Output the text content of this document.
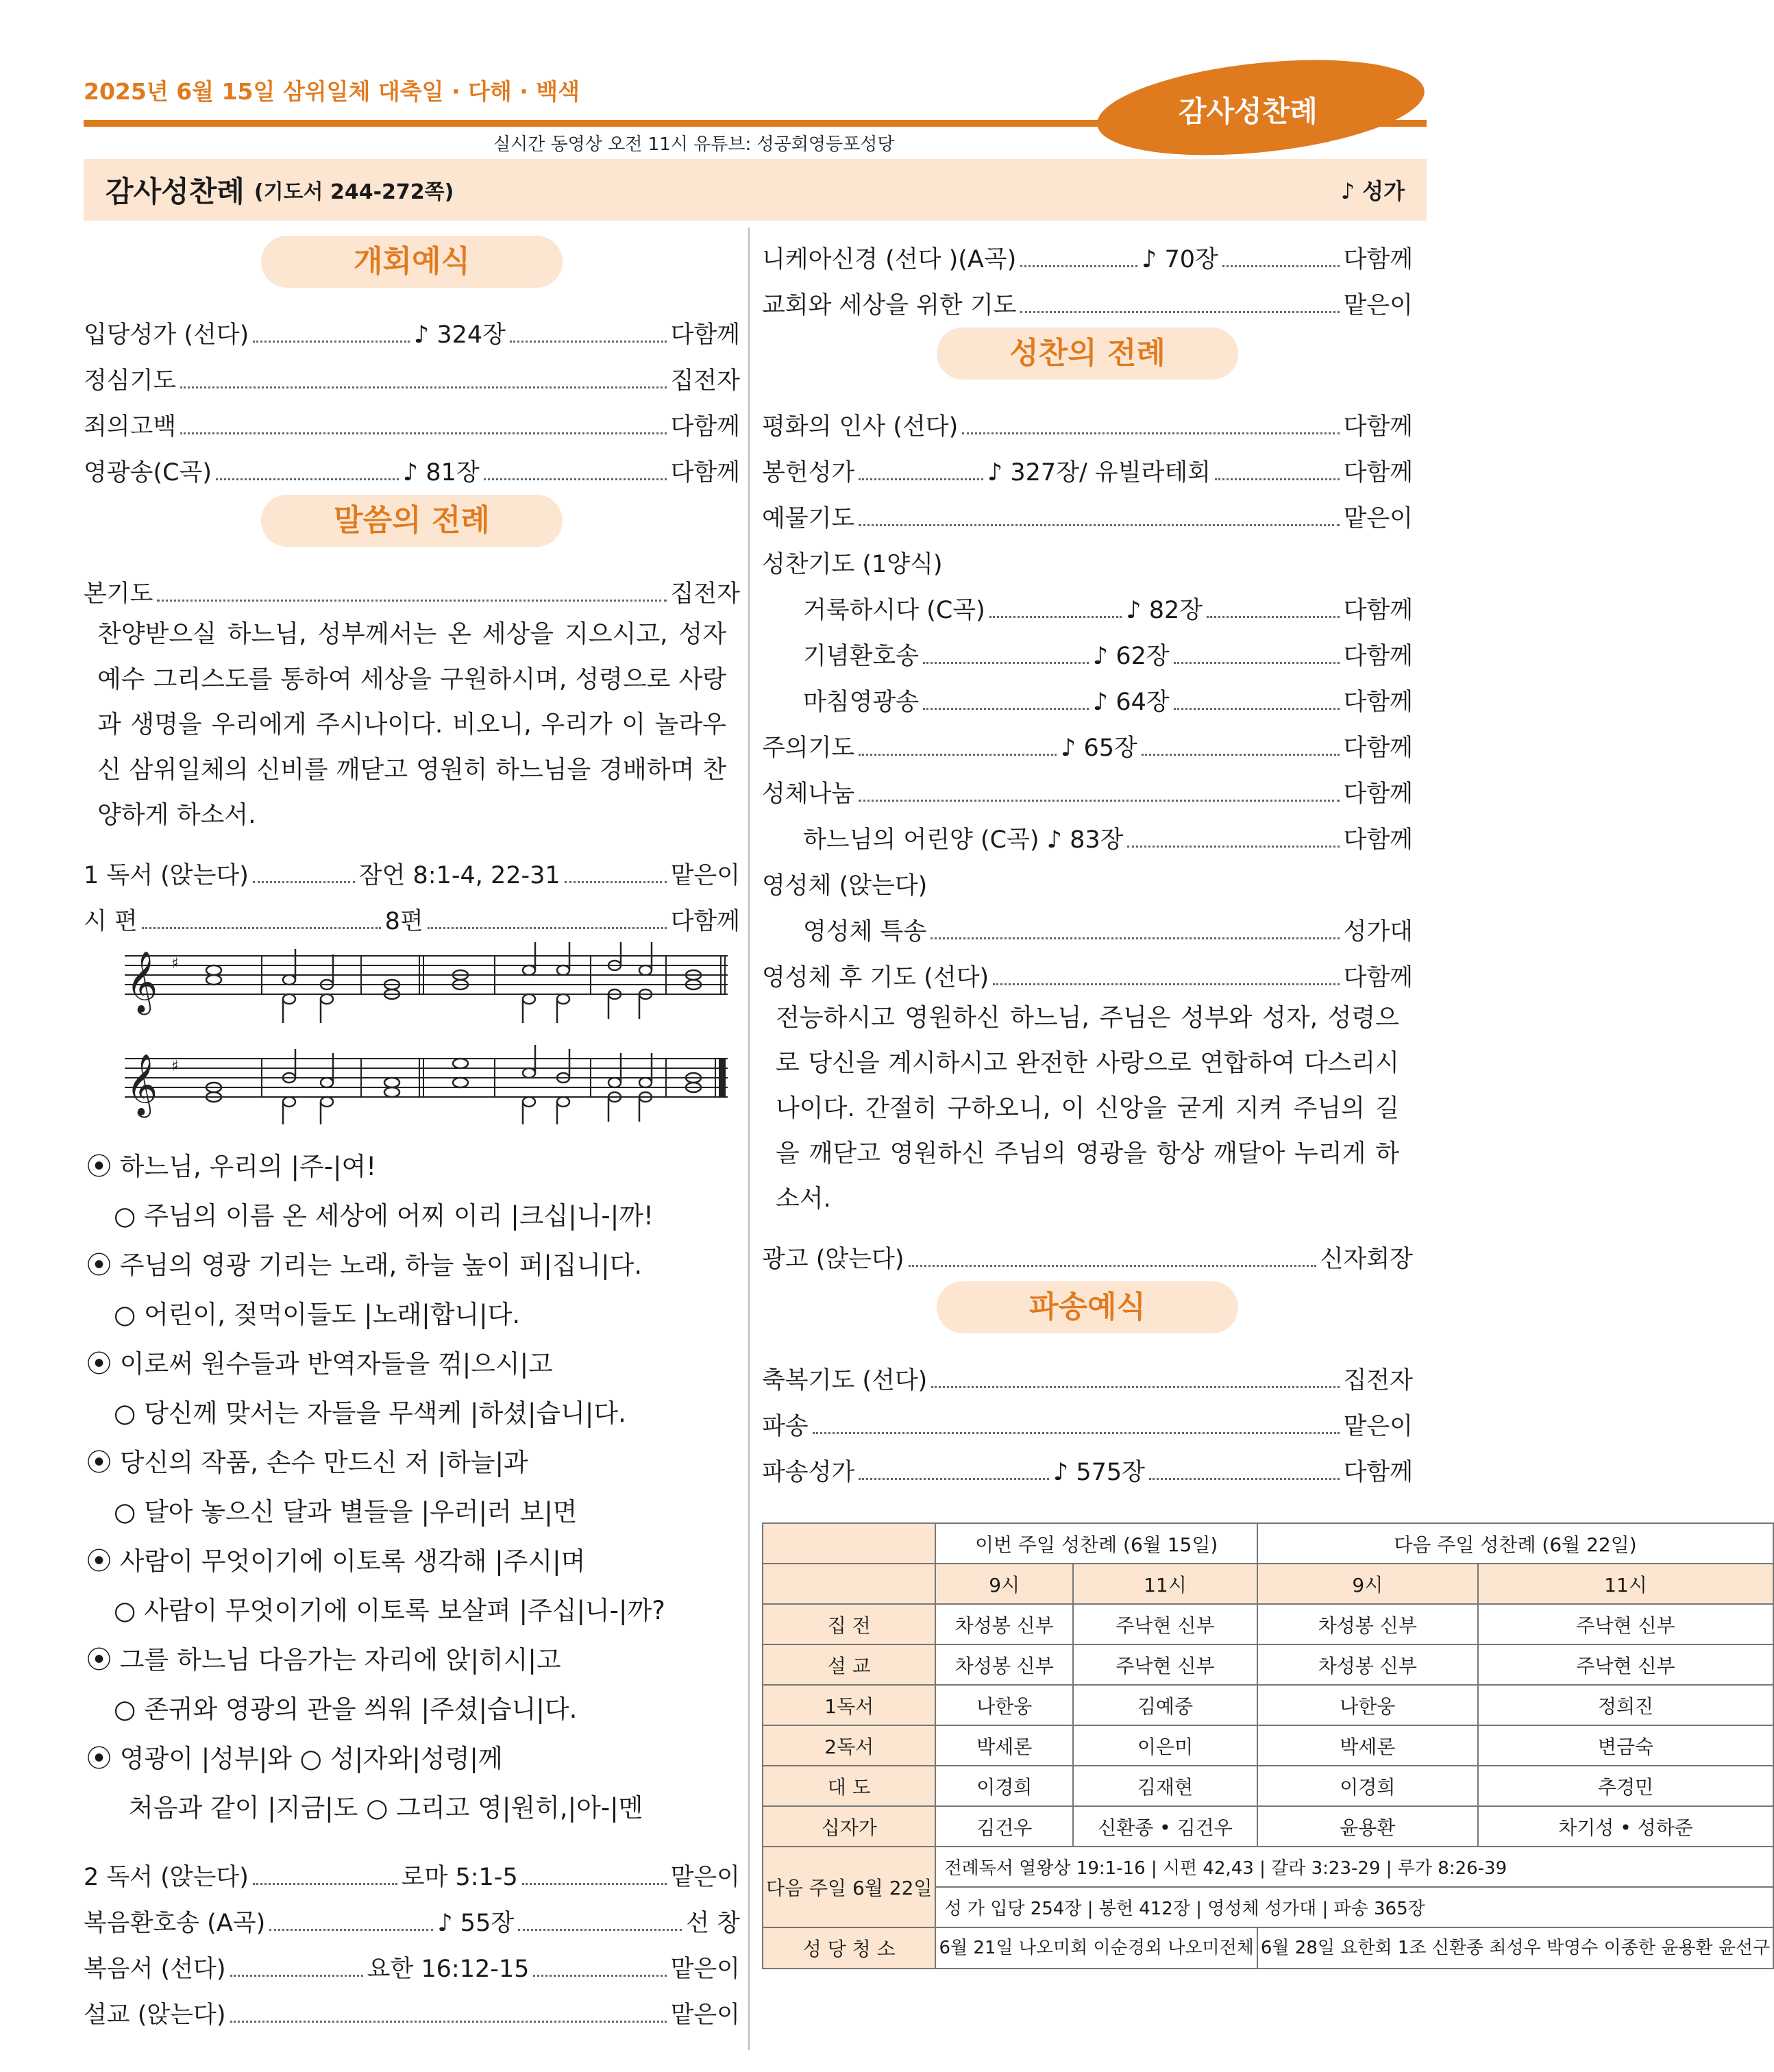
2025년 6월 15일 삼위일체 대축일 · 다해 · 백색
감사성찬례
실시간 동영상 오전 11시 유튜브: 성공회영등포성당
감사성찬례 (기도서 244-272쪽)	♪ 성가
개회예식
입당성가 (선다)	♪ 324장	다함께
정심기도	집전자
죄의고백	다함께
영광송(C곡)	♪ 81장	다함께
말씀의 전례
본기도	집전자
찬양받으실 하느님, 성부께서는 온 세상을 지으시고, 성자 예수 그리스도를 통하여 세상을 구원하시며, 성령으로 사랑과 생명을 우리에게 주시나이다. 비오니, 우리가 이 놀라우신 삼위일체의 신비를 깨닫고 영원히 하느님을 경배하며 찬양하게 하소서.
1 독서 (앉는다)	잠언 8:1-4, 22-31	맡은이
시 편	8편	다함께
𝄞
𝄞
♯
♯
⦿ 하느님, 우리의 |주-|여!
○ 주님의 이름 온 세상에 어찌 이리 |크십|니-|까!
⦿ 주님의 영광 기리는 노래, 하늘 높이 퍼|집니|다.
○ 어린이, 젖먹이들도 |노래|합니|다.
⦿ 이로써 원수들과 반역자들을 꺾|으시|고
○ 당신께 맞서는 자들을 무색케 |하셨|습니|다.
⦿ 당신의 작품, 손수 만드신 저 |하늘|과
○ 달아 놓으신 달과 별들을 |우러|러 보|면
⦿ 사람이 무엇이기에 이토록 생각해 |주시|며
○ 사람이 무엇이기에 이토록 보살펴 |주십|니-|까?
⦿ 그를 하느님 다음가는 자리에 앉|히시|고
○ 존귀와 영광의 관을 씌워 |주셨|습니|다.
⦿ 영광이 |성부|와 ○ 성|자와|성령|께
처음과 같이 |지금|도 ○ 그리고 영|원히,|아-|멘
2 독서 (앉는다)	로마 5:1-5	맡은이
복음환호송 (A곡)	♪ 55장	선 창
복음서 (선다)	요한 16:12-15	맡은이
설교 (앉는다)	맡은이
니케아신경 (선다 )(A곡)	♪ 70장	다함께
교회와 세상을 위한 기도	맡은이
성찬의 전례
평화의 인사 (선다)	다함께
봉헌성가	♪ 327장/ 유빌라테회	다함께
예물기도	맡은이
성찬기도 (1양식)
거룩하시다 (C곡)	♪ 82장	다함께
기념환호송	♪ 62장	다함께
마침영광송	♪ 64장	다함께
주의기도	♪ 65장	다함께
성체나눔	다함께
하느님의 어린양 (C곡) ♪ 83장	다함께
영성체 (앉는다)
영성체 특송	성가대
영성체 후 기도 (선다)	다함께
전능하시고 영원하신 하느님, 주님은 성부와 성자, 성령으로 당신을 계시하시고 완전한 사랑으로 연합하여 다스리시나이다. 간절히 구하오니, 이 신앙을 굳게 지켜 주님의 길을 깨닫고 영원하신 주님의 영광을 항상 깨달아 누리게 하소서.
광고 (앉는다)	신자회장
파송예식
축복기도 (선다)	집전자
파송	맡은이
파송성가	♪ 575장	다함께
	이번 주일 성찬례 (6월 15일)		다음 주일 성찬례 (6월 22일)	
	9시	11시	9시	11시
집 전	차성봉 신부	주낙현 신부	차성봉 신부	주낙현 신부
설 교	차성봉 신부	주낙현 신부	차성봉 신부	주낙현 신부
1독서	나한웅	김예중	나한웅	정희진
2독서	박세론	이은미	박세론	변금숙
대 도	이경희	김재현	이경희	추경민
십자가	김건우	신환종 • 김건우	윤용환	차기성 • 성하준
다음 주일 6월 22일	전례독서 열왕상 19:1-16 | 시편 42,43 | 갈라 3:23-29 | 루가 8:26-39			
	성 가 입당 254장 | 봉헌 412장 | 영성체 성가대 | 파송 365장			
성 당 청 소	6월 21일 나오미회 이순경외 나오미전체		6월 28일 요한회 1조 신환종 최성우 박영수 이종한 윤용환 윤선구	
